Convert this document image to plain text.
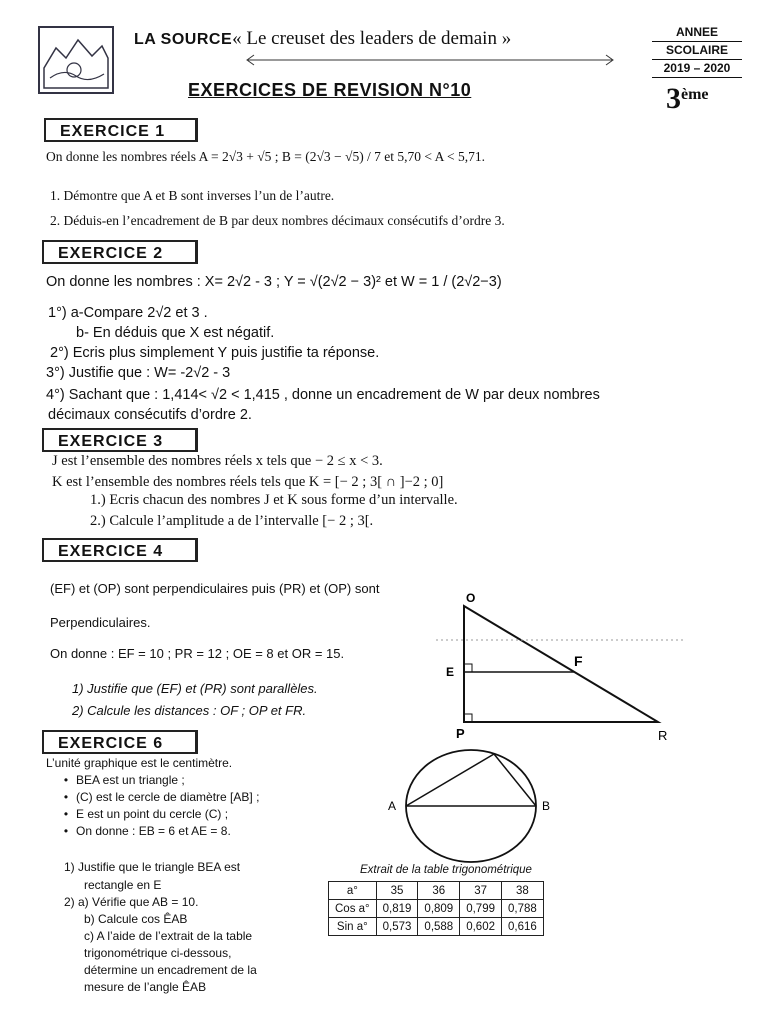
LA SOURCE« Le creuset des leaders de demain »	ANNEE
SCOLAIRE
2019 – 2020
3ème
EXERCICES DE REVISION N°10
EXERCICE 1
On donne les nombres réels A = 2√3 + √5 ; B = (2√3 − √5) / 7 et 5,70 < A < 5,71.
1. Démontre que A et B sont inverses l’un de l’autre.
2. Déduis-en l’encadrement de B par deux nombres décimaux consécutifs d’ordre 3.
EXERCICE 2
On donne les nombres : X= 2√2 - 3 ; Y = √(2√2 − 3)² et W = 1 / (2√2−3)
1°) a-Compare 2√2 et 3 .
b- En déduis que X est négatif.
2°) Ecris plus simplement Y puis justifie ta réponse.
3°) Justifie que : W= -2√2 - 3
4°) Sachant que : 1,414< √2 < 1,415 , donne un encadrement de W par deux nombres
décimaux consécutifs d’ordre 2.
EXERCICE 3
J est l’ensemble des nombres réels x tels que − 2 ≤ x < 3.
K est l’ensemble des nombres réels tels que K = [− 2 ; 3[ ∩ ]−2 ; 0]
1.) Ecris chacun des nombres J et K sous forme d’un intervalle.
2.) Calcule l’amplitude a de l’intervalle [− 2 ; 3[.
EXERCICE 4
(EF) et (OP) sont perpendiculaires puis (PR) et (OP) sont
Perpendiculaires.
On donne : EF = 10 ; PR = 12 ; OE = 8 et OR = 15.
1) Justifie que (EF) et (PR) sont parallèles.
2) Calcule les distances : OF ; OP et FR.
O
E
F
P	R
EXERCICE 6
L’unité graphique est le centimètre.
• BEA est un triangle ;
• (C) est le cercle de diamètre [AB] ;
• E est un point du cercle (C) ;
• On donne : EB = 6 et AE = 8.
1) Justifie que le triangle BEA est
rectangle en E
2) a) Vérifie que AB = 10.
b) Calcule cos ÊAB
c) A l’aide de l’extrait de la table
trigonométrique ci-dessous,
détermine un encadrement de la
mesure de l’angle ÊAB
A	B
Extrait de la table trigonométrique
a°	35	36	37	38
Cos a°	0,819	0,809	0,799	0,788
Sin a°	0,573	0,588	0,602	0,616
